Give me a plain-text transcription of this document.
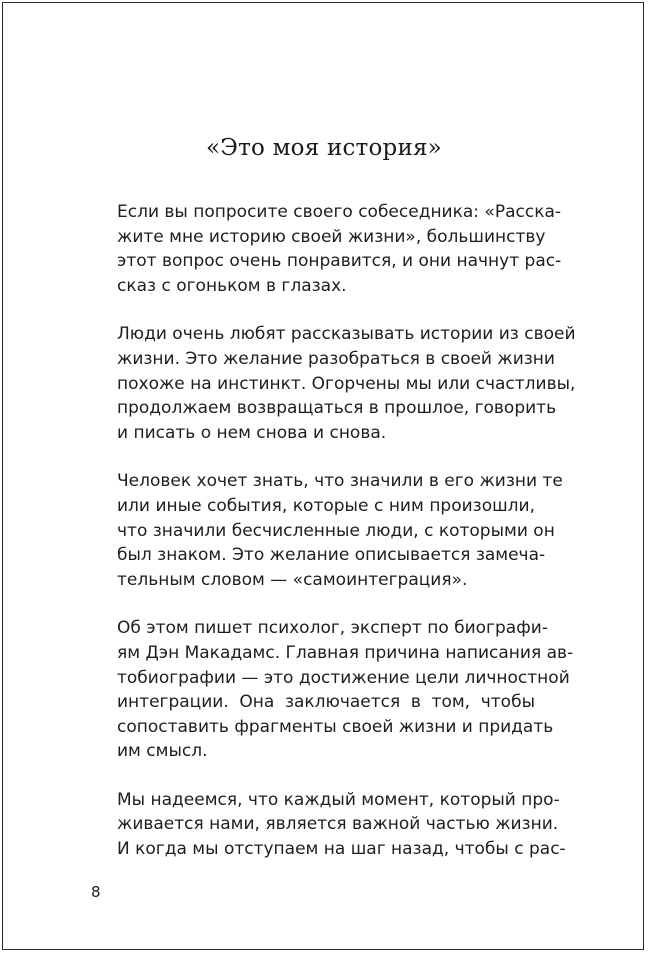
«Это моя история»

Если вы попросите своего собеседника: «Расска-
жите мне историю своей жизни», большинству
этот вопрос очень понравится, и они начнут рас-
сказ с огоньком в глазах.

Люди очень любят рассказывать истории из своей
жизни. Это желание разобраться в своей жизни
похоже на инстинкт. Огорчены мы или счастливы,
продолжаем возвращаться в прошлое, говорить
и писать о нем снова и снова.

Человек хочет знать, что значили в его жизни те
или иные события, которые с ним произошли,
что значили бесчисленные люди, с которыми он
был знаком. Это желание описывается замеча-
тельным словом — «самоинтеграция».

Об этом пишет психолог, эксперт по биографи-
ям Дэн Макадамс. Главная причина написания ав-
тобиографии — это достижение цели личностной
интеграции. Она заключается в том, чтобы
сопоставить фрагменты своей жизни и придать
им смысл.

Мы надеемся, что каждый момент, который про-
живается нами, является важной частью жизни.
И когда мы отступаем на шаг назад, чтобы с рас-

8
